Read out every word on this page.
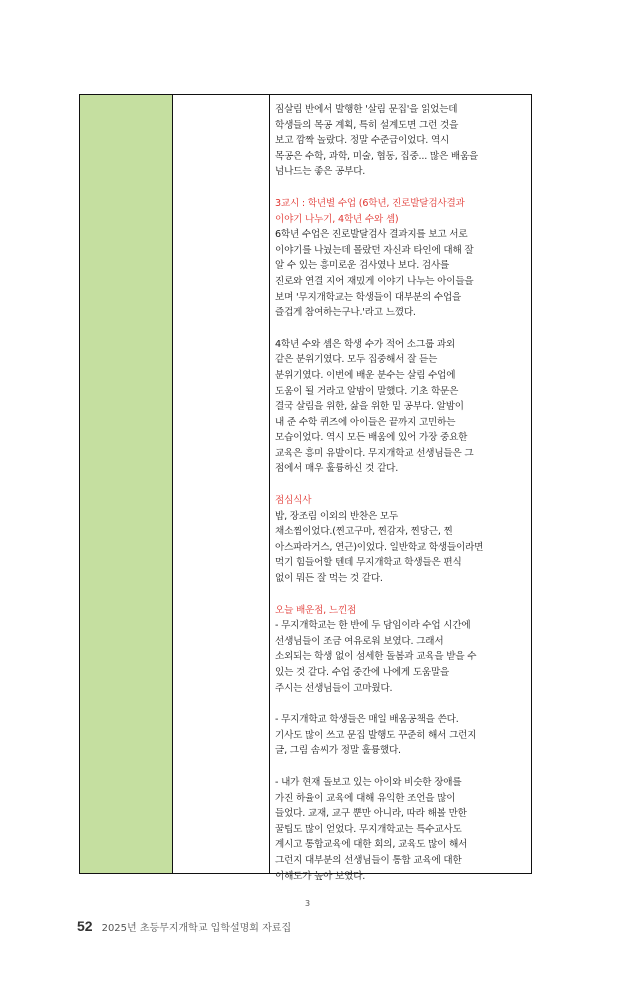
짐살림 반에서 발행한 '살림 문집'을 읽었는데
학생들의 목공 계획, 특히 설계도면 그런 것을
보고 깜짝 놀랐다. 정말 수준급이었다. 역시
목공은 수학, 과학, 미술, 협동, 집중... 많은 배움을
넘나드는 좋은 공부다.
3교시 : 학년별 수업 (6학년, 진로발달검사결과
이야기 나누기, 4학년 수와 셈)
6학년 수업은 진로발달검사 결과지를 보고 서로
이야기를 나눴는데 몰랐던 자신과 타인에 대해 잘
알 수 있는 흥미로운 검사였나 보다. 검사를
진로와 연결 지어 재밌게 이야기 나누는 아이들을
보며 '무지개학교는 학생들이 대부분의 수업을
즐겁게 참여하는구나.'라고 느꼈다.
4학년 수와 셈은 학생 수가 적어 소그룹 과외
같은 분위기였다. 모두 집중해서 잘 듣는
분위기였다. 이번에 배운 분수는 살림 수업에
도움이 될 거라고 알밤이 말했다. 기초 학문은
결국 살림을 위한, 삶을 위한 밑 공부다. 알밤이
내 준 수학 퀴즈에 아이들은 끝까지 고민하는
모습이었다. 역시 모든 배움에 있어 가장 중요한
교육은 흥미 유발이다. 무지개학교 선생님들은 그
점에서 매우 훌륭하신 것 같다.
점심식사
밥, 장조림 이외의 반찬은 모두
채소찜이었다.(찐고구마, 찐감자, 찐당근, 찐
아스파라거스, 연근)이었다. 일반학교 학생들이라면
먹기 힘들어할 텐데 무지개학교 학생들은 편식
없이 뭐든 잘 먹는 것 같다.
오늘 배운점, 느낀점
- 무지개학교는 한 반에 두 담임이라 수업 시간에
선생님들이 조금 여유로워 보였다. 그래서
소외되는 학생 없이 섬세한 돌봄과 교육을 받을 수
있는 것 같다. 수업 중간에 나에게 도움말을
주시는 선생님들이 고마웠다.
- 무지개학교 학생들은 매일 배움공책을 쓴다.
기사도 많이 쓰고 문집 발행도 꾸준히 해서 그런지
글, 그림 솜씨가 정말 훌륭했다.
- 내가 현재 돌보고 있는 아이와 비슷한 장애를
가진 하율이 교육에 대해 유익한 조언을 많이
들었다. 교재, 교구 뿐만 아니라, 따라 해볼 만한
꿀팁도 많이 얻었다. 무지개학교는 특수교사도
계시고 통합교육에 대한 회의, 교육도 많이 해서
그런지 대부분의 선생님들이 통합 교육에 대한
이해도가 높아 보였다.
3
52 2025년 초등무지개학교 입학설명회 자료집
